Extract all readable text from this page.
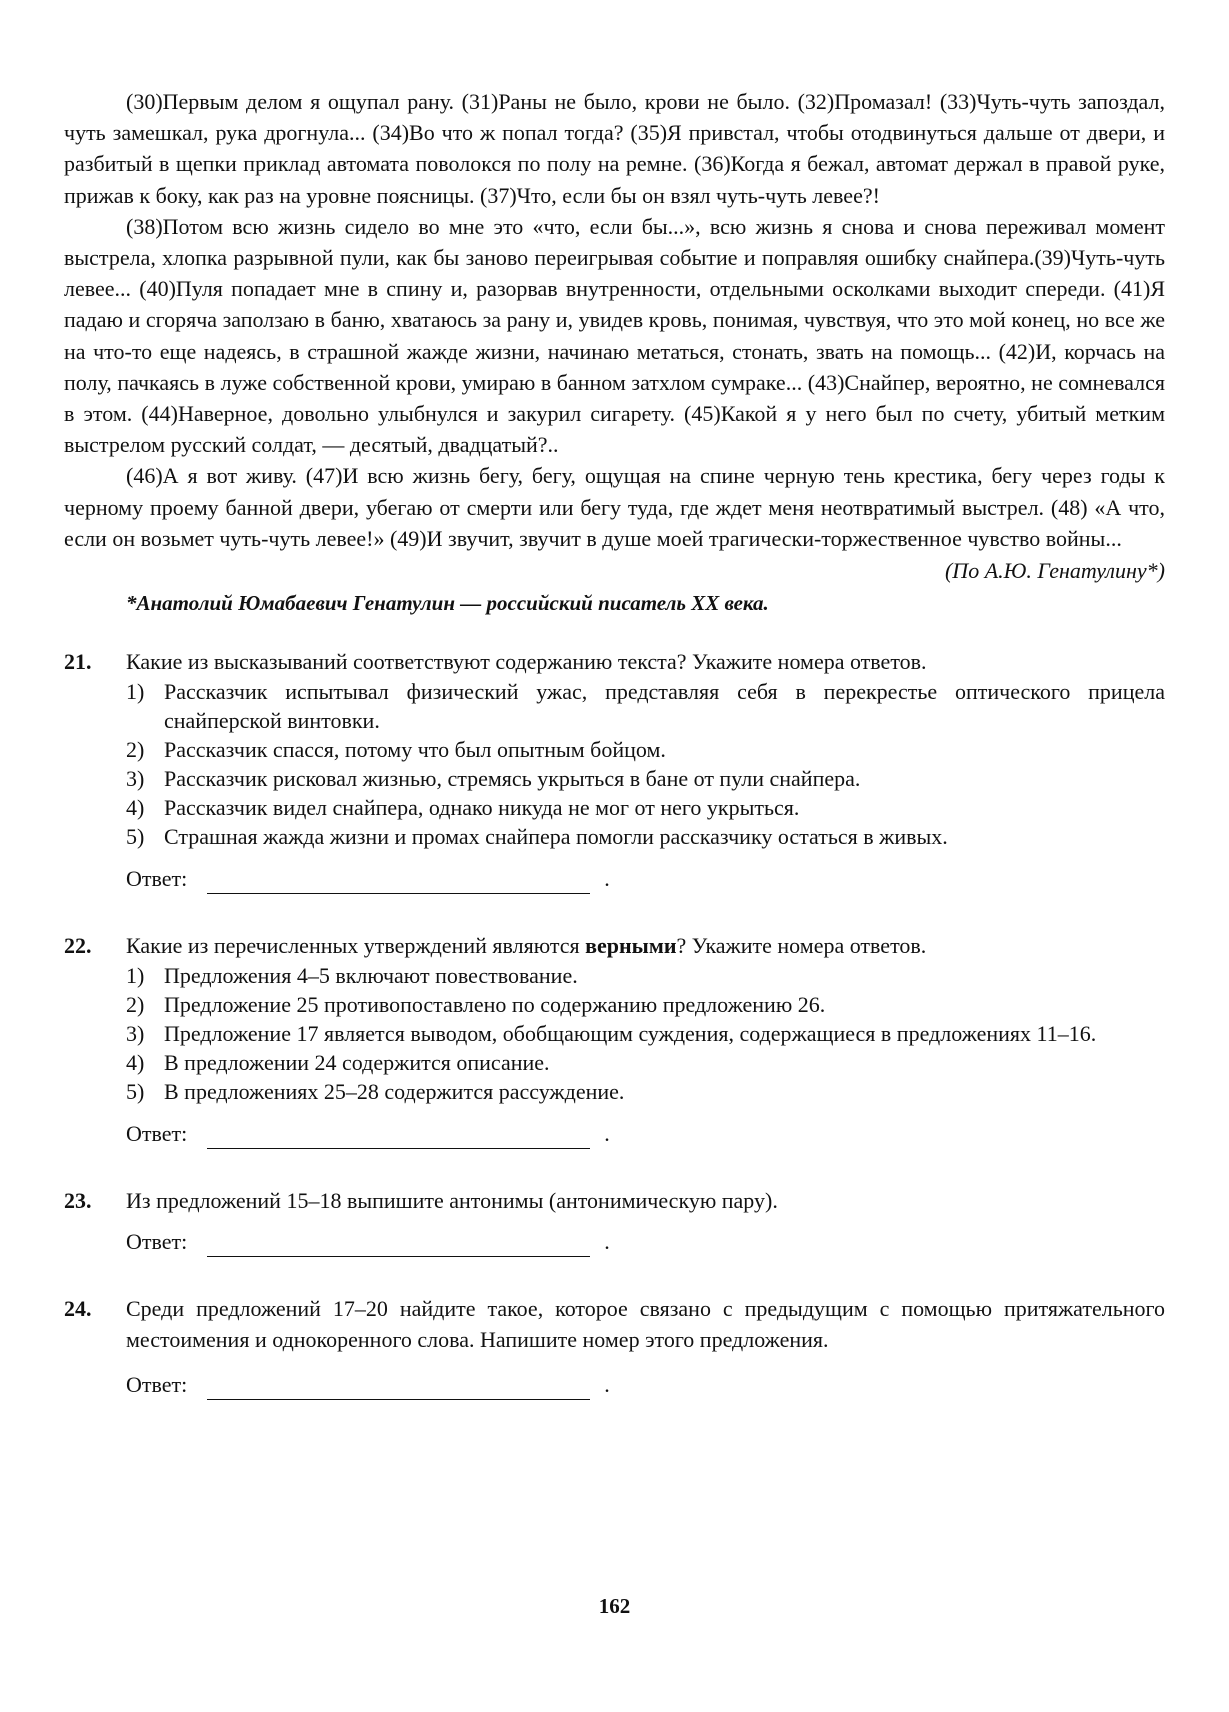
(30)Первым делом я ощупал рану. (31)Раны не было, крови не было. (32)Промазал! (33)Чуть-чуть запоздал, чуть замешкал, рука дрогнула... (34)Во что ж попал тогда? (35)Я привстал, чтобы отодвинуться дальше от двери, и разбитый в щепки приклад автомата поволокся по полу на ремне. (36)Когда я бежал, автомат держал в правой руке, прижав к боку, как раз на уровне поясницы. (37)Что, если бы он взял чуть-чуть левее?!

(38)Потом всю жизнь сидело во мне это «что, если бы...», всю жизнь я снова и снова переживал момент выстрела, хлопка разрывной пули, как бы заново переигрывая событие и поправляя ошибку снайпера.(39)Чуть-чуть левее... (40)Пуля попадает мне в спину и, разорвав внутренности, отдельными осколками выходит спереди. (41)Я падаю и сгоряча заползаю в баню, хватаюсь за рану и, увидев кровь, понимая, чувствуя, что это мой конец, но все же на что-то еще надеясь, в страшной жажде жизни, начинаю метаться, стонать, звать на помощь... (42)И, корчась на полу, пачкаясь в луже собственной крови, умираю в банном затхлом сумраке... (43)Снайпер, вероятно, не сомневался в этом. (44)Наверное, довольно улыбнулся и закурил сигарету. (45)Какой я у него был по счету, убитый метким выстрелом русский солдат, — десятый, двадцатый?..

(46)А я вот живу. (47)И всю жизнь бегу, бегу, ощущая на спине черную тень крестика, бегу через годы к черному проему банной двери, убегаю от смерти или бегу туда, где ждет меня неотвратимый выстрел. (48) «А что, если он возьмет чуть-чуть левее!» (49)И звучит, звучит в душе моей трагически-торжественное чувство войны...

(По А.Ю. Генатулину*)
*Анатолий Юмабаевич Генатулин — российский писатель XX века.
21. Какие из высказываний соответствуют содержанию текста? Укажите номера ответов.
1) Рассказчик испытывал физический ужас, представляя себя в перекрестье оптического прицела снайперской винтовки.
2) Рассказчик спасся, потому что был опытным бойцом.
3) Рассказчик рисковал жизнью, стремясь укрыться в бане от пули снайпера.
4) Рассказчик видел снайпера, однако никуда не мог от него укрыться.
5) Страшная жажда жизни и промах снайпера помогли рассказчику остаться в живых.
Ответ:	.
22. Какие из перечисленных утверждений являются верными? Укажите номера ответов.
1) Предложения 4–5 включают повествование.
2) Предложение 25 противопоставлено по содержанию предложению 26.
3) Предложение 17 является выводом, обобщающим суждения, содержащиеся в предложениях 11–16.
4) В предложении 24 содержится описание.
5) В предложениях 25–28 содержится рассуждение.
Ответ:	.
23. Из предложений 15–18 выпишите антонимы (антонимическую пару).
Ответ:	.
24. Среди предложений 17–20 найдите такое, которое связано с предыдущим с помощью притяжательного местоимения и однокоренного слова. Напишите номер этого предложения.
Ответ:	.
162
